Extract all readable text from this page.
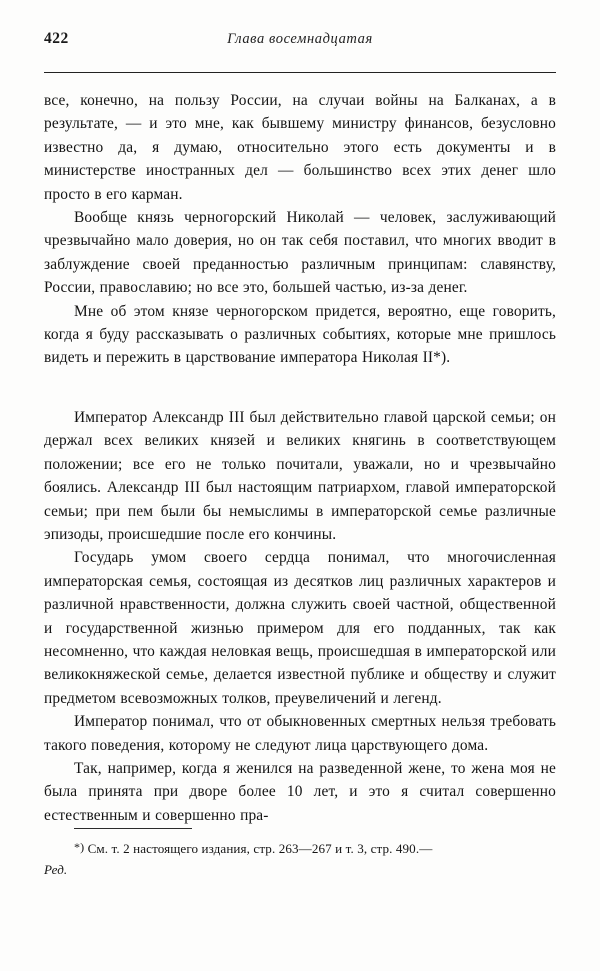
422	Глава восемнадцатая

все, конечно, на пользу России, на случаи войны на Балканах, а в результате, — и это мне, как бывшему министру финансов, безусловно известно да, я думаю, относительно этого есть документы и в министерстве иностранных дел — большинство всех этих денег шло просто в его карман.

Вообще князь черногорский Николай — человек, заслуживающий чрезвычайно мало доверия, но он так себя поставил, что многих вводит в заблуждение своей преданностью различным принципам: славянству, России, православию; но все это, большей частью, из-за денег.

Мне об этом князе черногорском придется, вероятно, еще говорить, когда я буду рассказывать о различных событиях, которые мне пришлось видеть и пережить в царствование императора Николая II*).

Император Александр III был действительно главой царской семьи; он держал всех великих князей и великих княгинь в соответствующем положении; все его не только почитали, уважали, но и чрезвычайно боялись. Александр III был настоящим патриархом, главой императорской семьи; при пем были бы немыслимы в императорской семье различные эпизоды, происшедшие после его кончины.

Государь умом своего сердца понимал, что многочисленная императорская семья, состоящая из десятков лиц различных характеров и различной нравственности, должна служить своей частной, общественной и государственной жизнью примером для его подданных, так как несомненно, что каждая неловкая вещь, происшедшая в императорской или великокняжеской семье, делается известной публике и обществу и служит предметом всевозможных толков, преувеличений и легенд.

Император понимал, что от обыкновенных смертных нельзя требовать такого поведения, которому не следуют лица царствующего дома.

Так, например, когда я женился на разведенной жене, то жена моя не была принята при дворе более 10 лет, и это я считал совершенно естественным и совершенно пра-

*) См. т. 2 настоящего издания, стр. 263—267 и т. 3, стр. 490.—
Ред.
